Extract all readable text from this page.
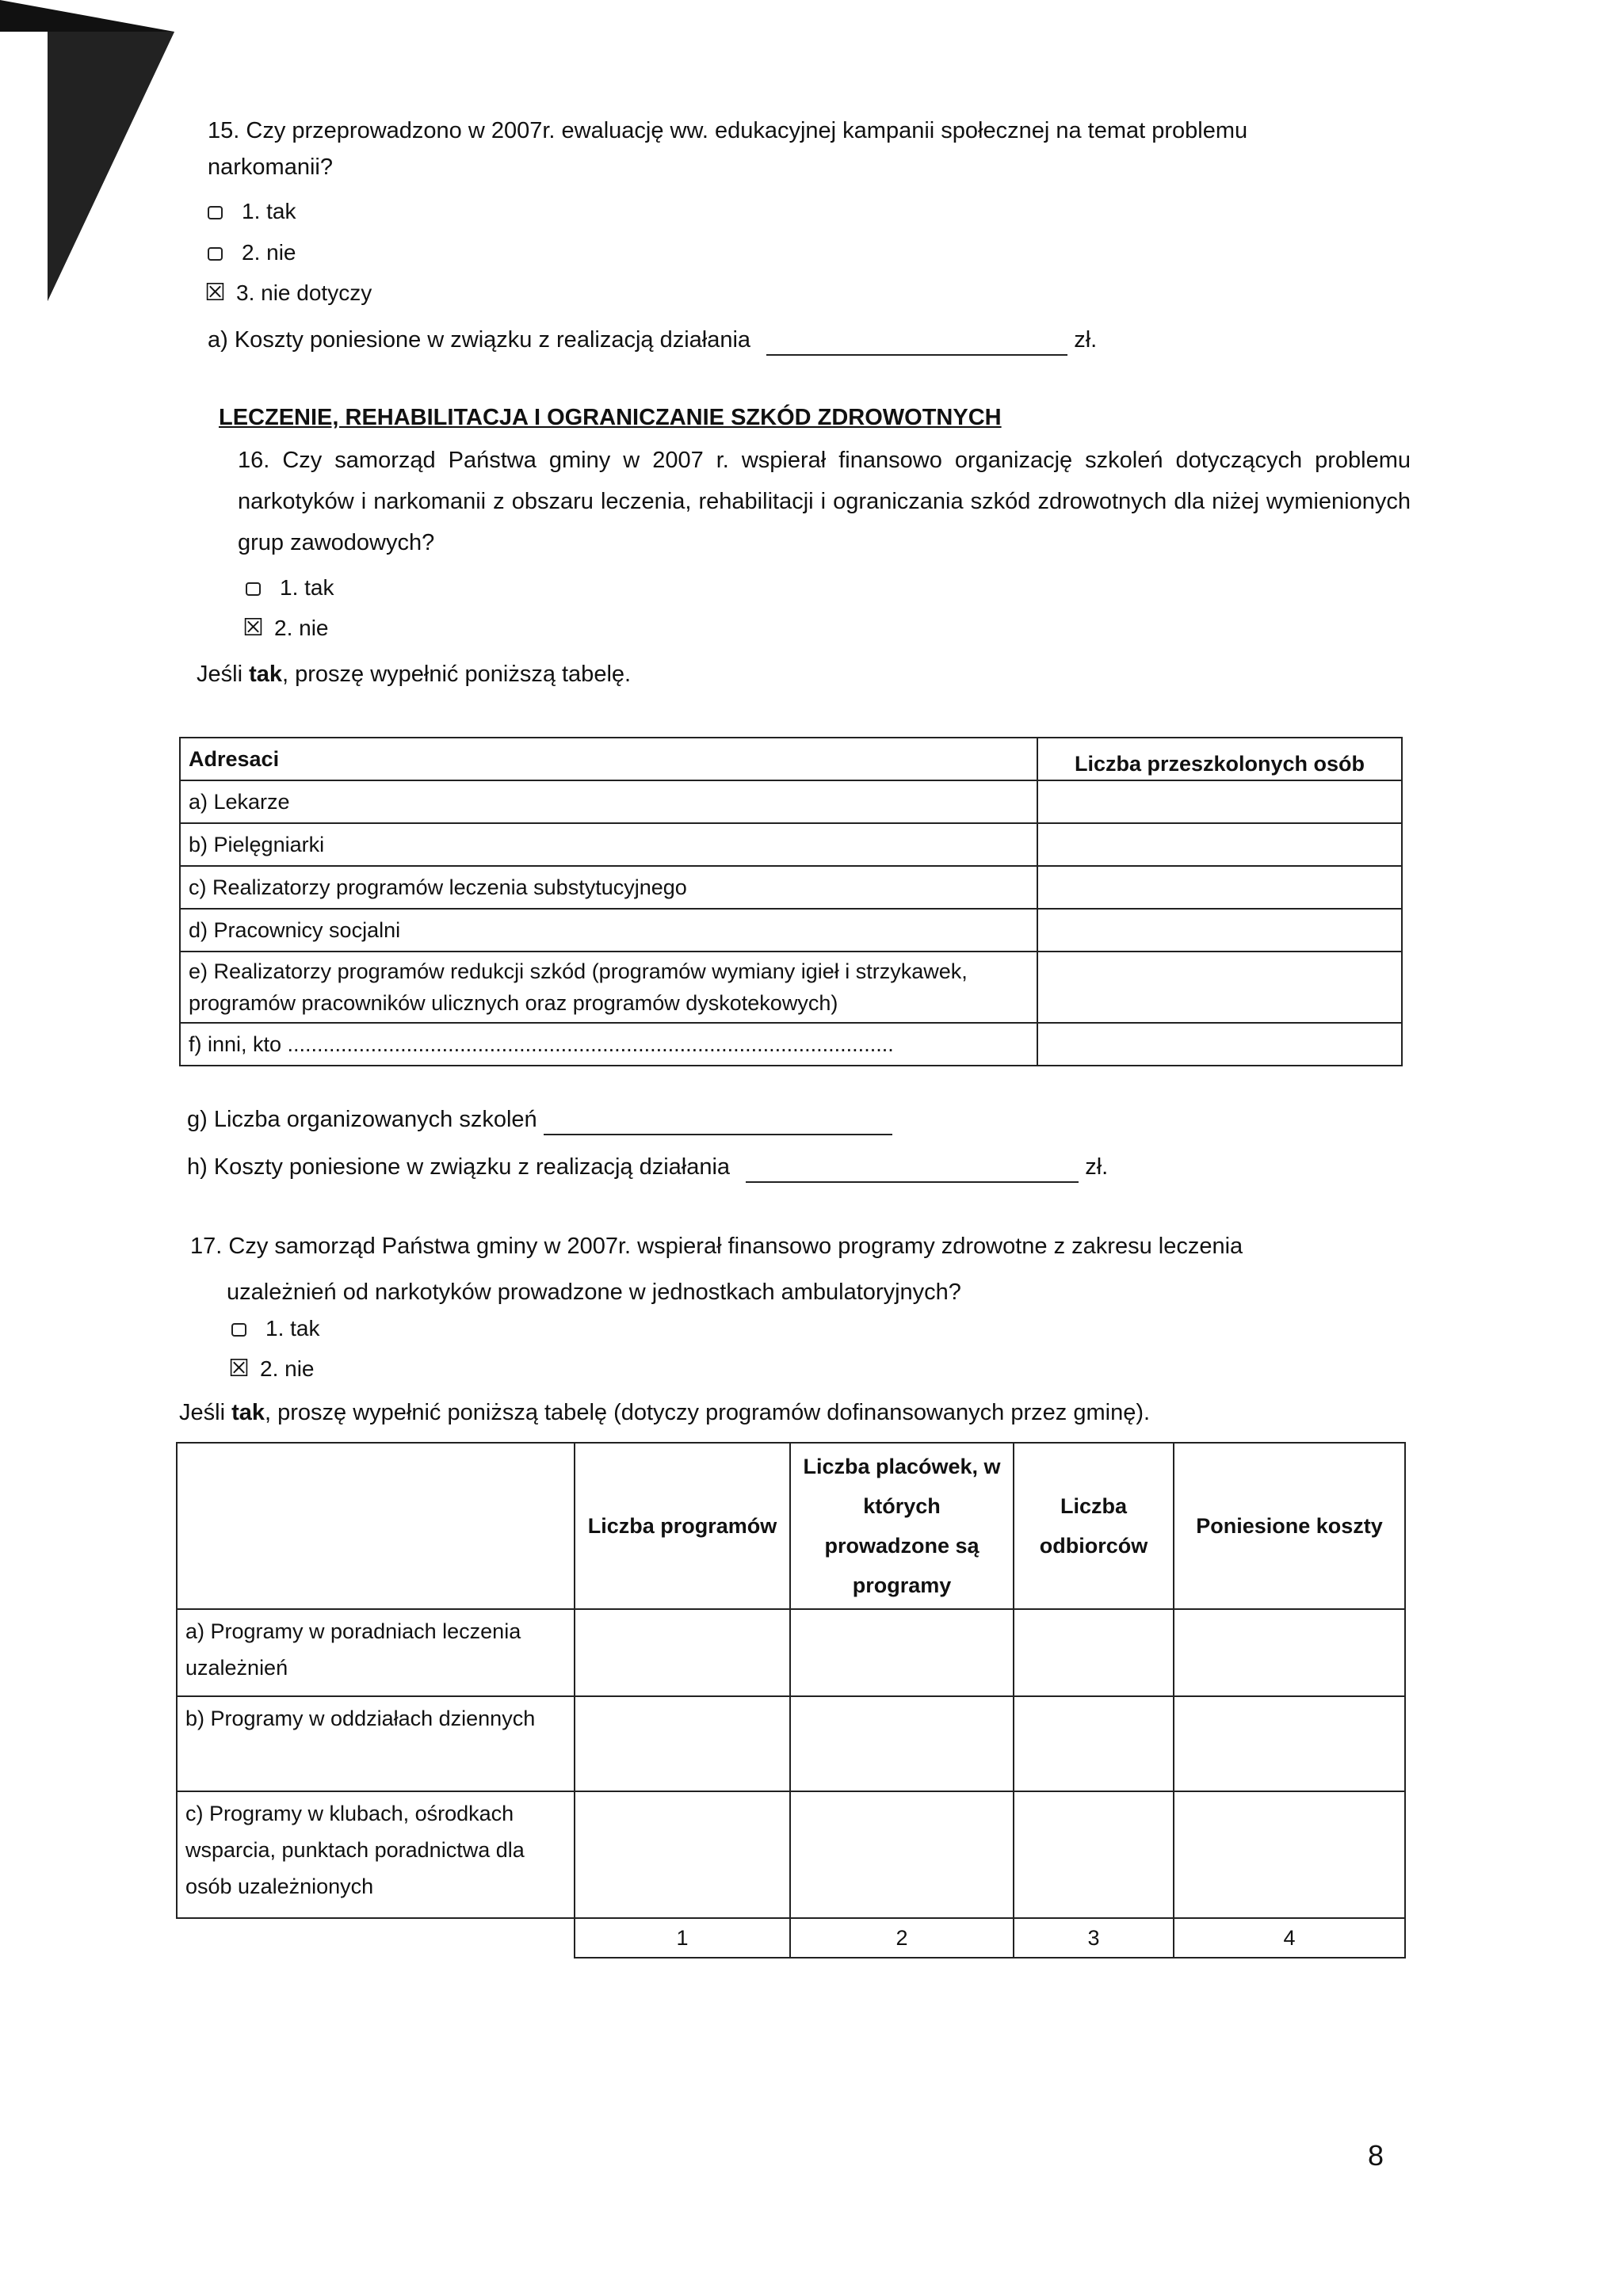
15. Czy przeprowadzono w 2007r. ewaluację ww. edukacyjnej kampanii społecznej na temat problemu
narkomanii?
1. tak
2. nie
☒ 3. nie dotyczy
a) Koszty poniesione w związku z realizacją działania	zł.
LECZENIE, REHABILITACJA I OGRANICZANIE SZKÓD ZDROWOTNYCH
16. Czy samorząd Państwa gminy w 2007 r. wspierał finansowo organizację szkoleń dotyczących problemu narkotyków i narkomanii z obszaru leczenia, rehabilitacji i ograniczania szkód zdrowotnych dla niżej wymienionych grup zawodowych?
1. tak
☒ 2. nie
Jeśli tak, proszę wypełnić poniższą tabelę.
Adresaci	Liczba przeszkolonych osób
a) Lekarze	
b) Pielęgniarki	
c) Realizatorzy programów leczenia substytucyjnego	
d) Pracownicy socjalni	
e) Realizatorzy programów redukcji szkód (programów wymiany igieł i strzykawek, programów pracowników ulicznych oraz programów dyskotekowych)	
f) inni, kto ......................................................................................................	
g) Liczba organizowanych szkoleń
h) Koszty poniesione w związku z realizacją działania	zł.
17. Czy samorząd Państwa gminy w 2007r. wspierał finansowo programy zdrowotne z zakresu leczenia
uzależnień od narkotyków prowadzone w jednostkach ambulatoryjnych?
1. tak
☒ 2. nie
Jeśli tak, proszę wypełnić poniższą tabelę (dotyczy programów dofinansowanych przez gminę).
	Liczba programów	Liczba placówek, w których prowadzone są programy	Liczba odbiorców	Poniesione koszty
a) Programy w poradniach leczenia uzależnień				
b) Programy w oddziałach dziennych				
c) Programy w klubach, ośrodkach wsparcia, punktach poradnictwa dla osób uzależnionych				
	1	2	3	4
8
